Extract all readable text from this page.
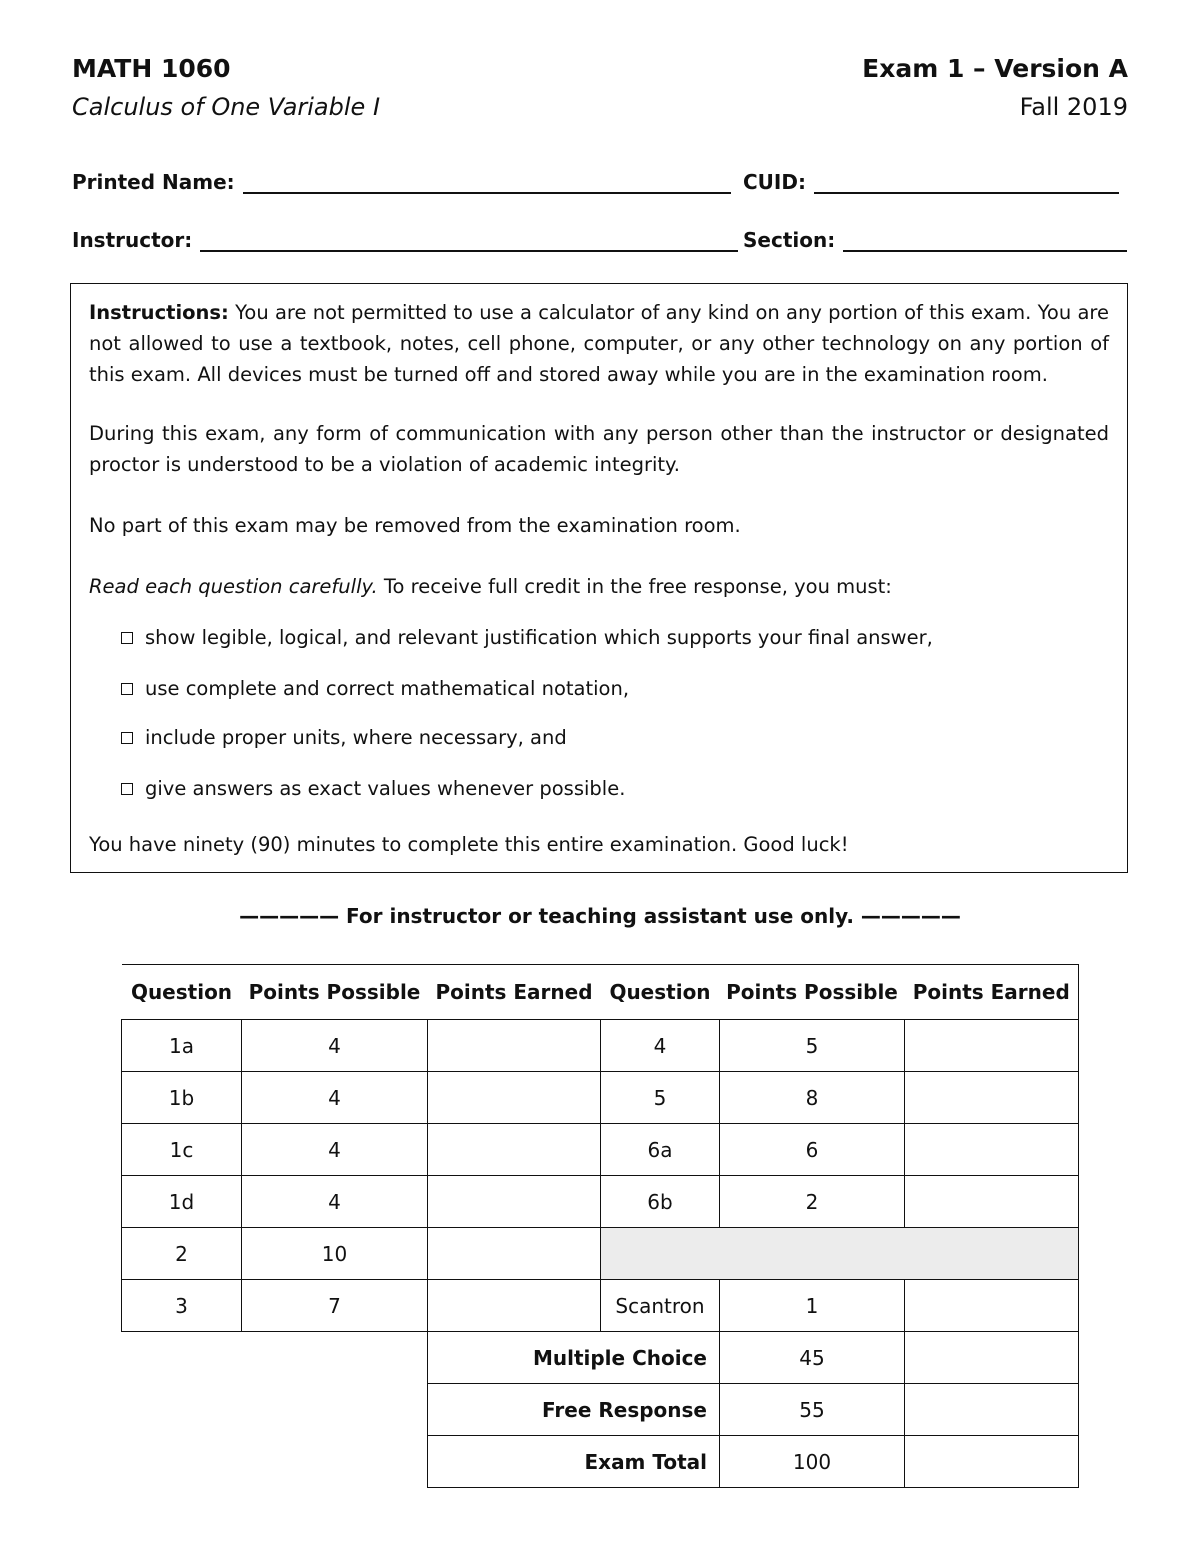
MATH 1060
Calculus of One Variable I
Exam 1 – Version A
Fall 2019
Printed Name:	CUID:
Instructor:	Section:

Instructions: You are not permitted to use a calculator of any kind on any portion of this exam. You are not allowed to use a textbook, notes, cell phone, computer, or any other technology on any portion of this exam. All devices must be turned off and stored away while you are in the examination room.

During this exam, any form of communication with any person other than the instructor or designated proctor is understood to be a violation of academic integrity.

No part of this exam may be removed from the examination room.

Read each question carefully. To receive full credit in the free response, you must:

show legible, logical, and relevant justification which supports your final answer,
use complete and correct mathematical notation,
include proper units, where necessary, and
give answers as exact values whenever possible.

You have ninety (90) minutes to complete this entire examination. Good luck!

————— For instructor or teaching assistant use only. —————
Question	Points Possible	Points Earned	Question	Points Possible	Points Earned
1a	4		4	5	
1b	4		5	8	
1c	4		6a	6	
1d	4		6b	2	
2	10				
3	7		Scantron	1	
		Multiple Choice		45	
		Free Response		55	
		Exam Total		100	
